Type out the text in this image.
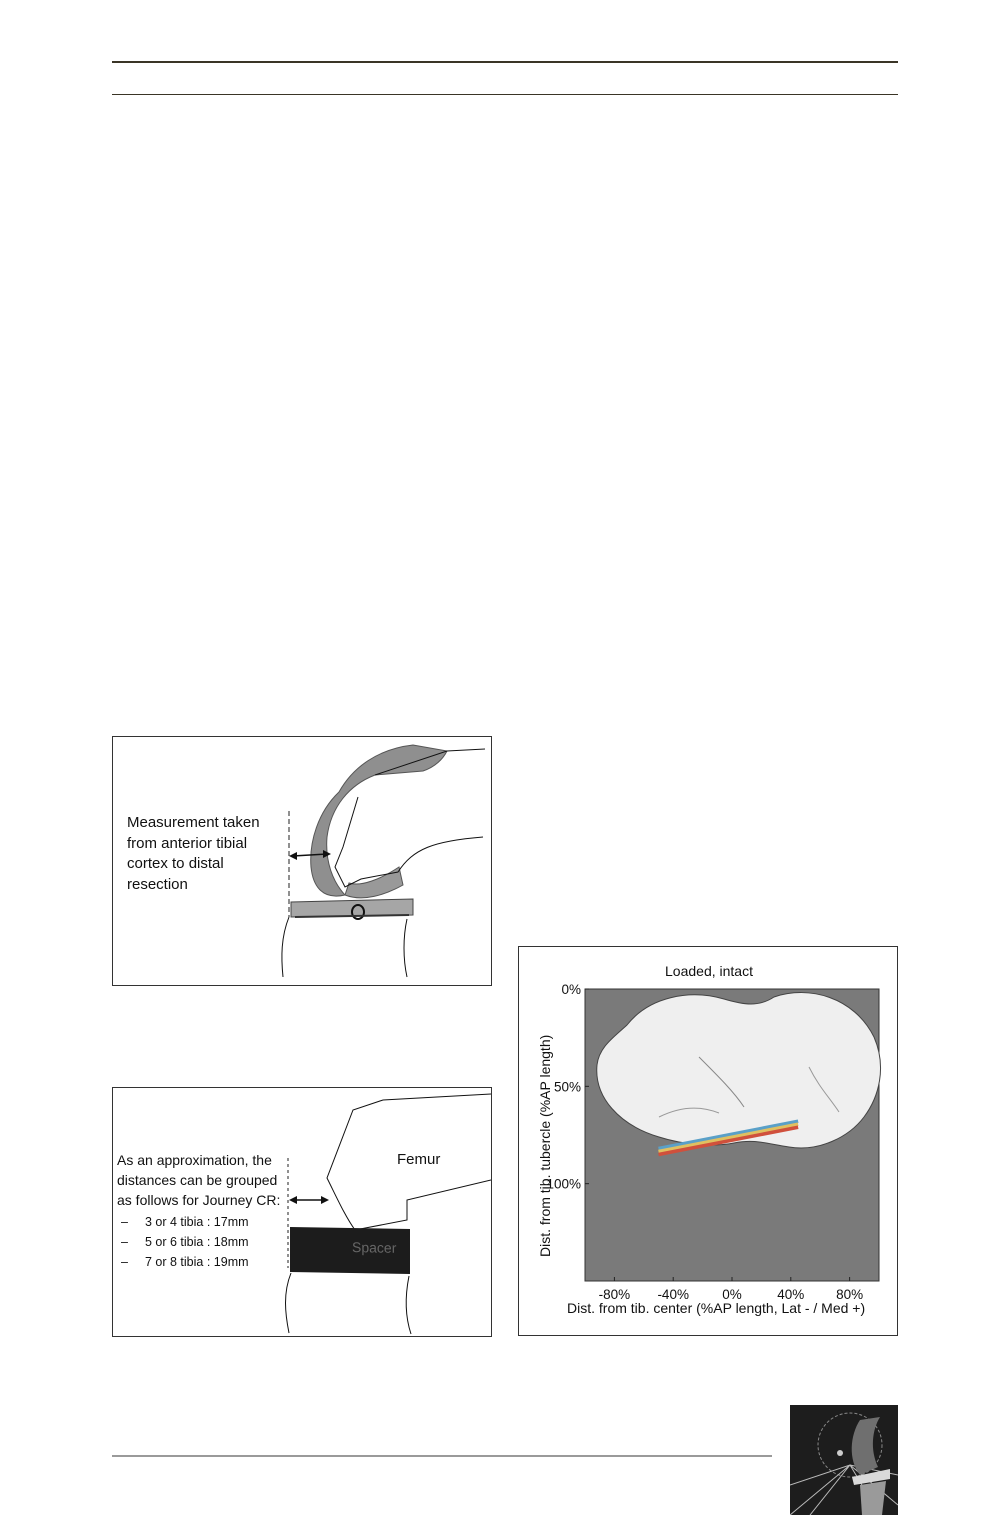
Measurement taken from anterior tibial cortex to distal resection
As an approximation, the distances can be grouped as follows for Journey CR:
– 3 or 4 tibia : 17mm
– 5 or 6 tibia : 18mm
– 7 or 8 tibia : 19mm
Femur
Spacer
Loaded, intact
-80% -40% 0%	40% 80%
0%
50%
100%
Dist. from tib. center (%AP length, Lat - / Med +)
Dist. from tib. tubercle (%AP length)
